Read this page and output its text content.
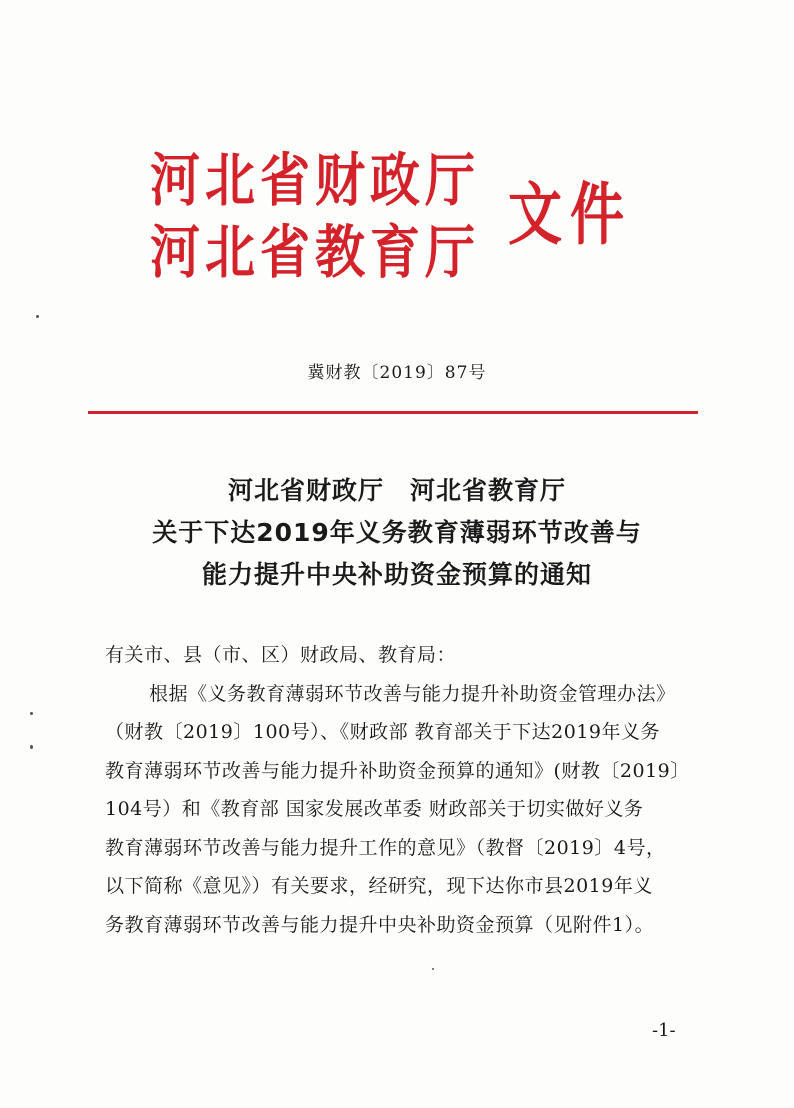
河北省财政厅
河北省教育厅 文件
冀财教〔2019〕87号
河北省财政厅　河北省教育厅
关于下达2019年义务教育薄弱环节改善与
能力提升中央补助资金预算的通知
有关市、县（市、区）财政局、教育局：
根据《义务教育薄弱环节改善与能力提升补助资金管理办法》
（财教〔2019〕100号）、《财政部 教育部关于下达2019年义务
教育薄弱环节改善与能力提升补助资金预算的通知》(财教〔2019〕
104号）和《教育部 国家发展改革委 财政部关于切实做好义务
教育薄弱环节改善与能力提升工作的意见》（教督〔2019〕4号，
以下简称《意见》）有关要求，经研究，现下达你市县2019年义
务教育薄弱环节改善与能力提升中央补助资金预算（见附件1）。
-1-
